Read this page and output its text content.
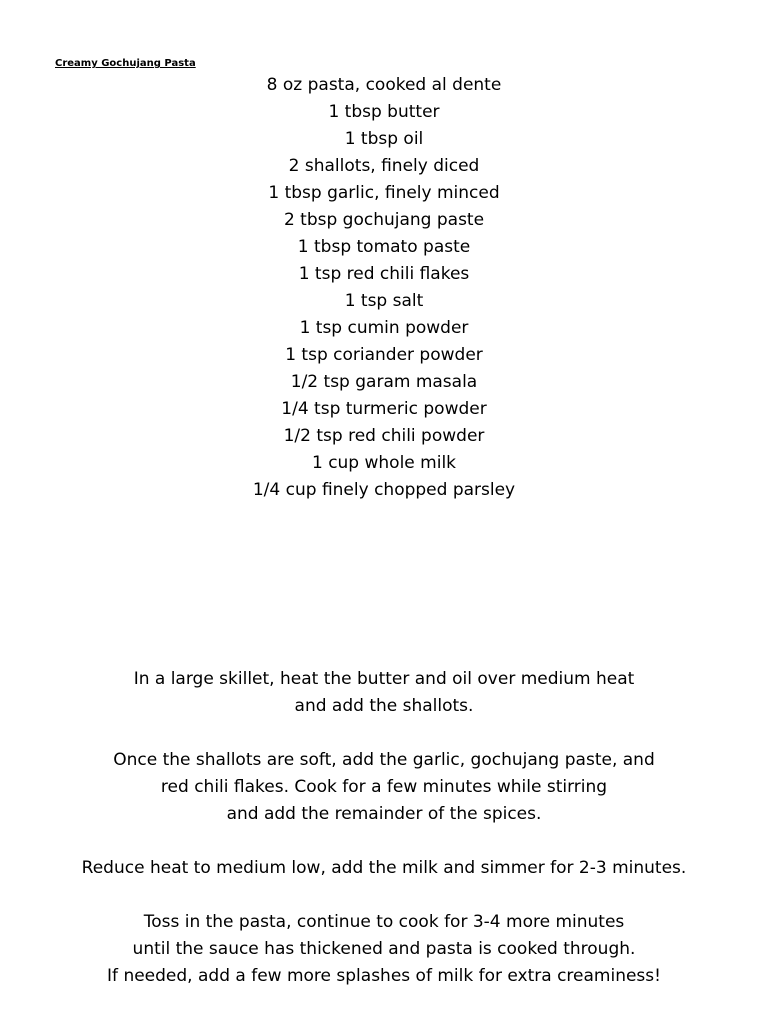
Creamy Gochujang Pasta
8 oz pasta, cooked al dente
1 tbsp butter
1 tbsp oil
2 shallots, finely diced
1 tbsp garlic, finely minced
2 tbsp gochujang paste
1 tbsp tomato paste
1 tsp red chili flakes
1 tsp salt
1 tsp cumin powder
1 tsp coriander powder
1/2 tsp garam masala
1/4 tsp turmeric powder
1/2 tsp red chili powder
1 cup whole milk
1/4 cup finely chopped parsley
In a large skillet, heat the butter and oil over medium heat
and add the shallots.
Once the shallots are soft, add the garlic, gochujang paste, and
red chili flakes. Cook for a few minutes while stirring
and add the remainder of the spices.
Reduce heat to medium low, add the milk and simmer for 2-3 minutes.
Toss in the pasta, continue to cook for 3-4 more minutes
until the sauce has thickened and pasta is cooked through.
If needed, add a few more splashes of milk for extra creaminess!
